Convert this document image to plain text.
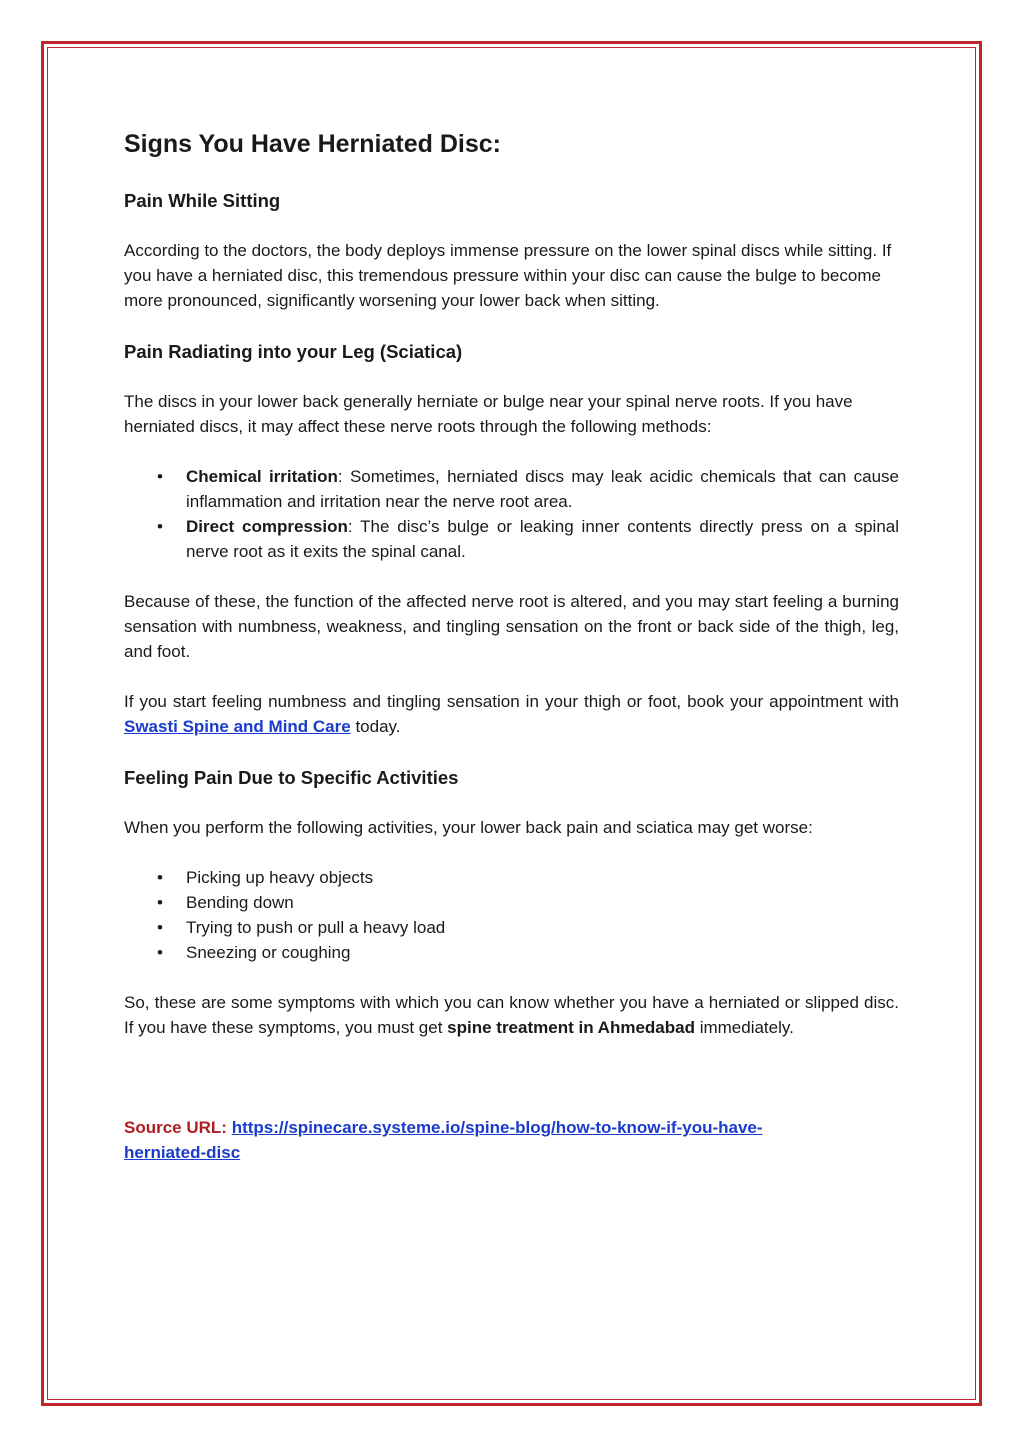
Signs You Have Herniated Disc:
Pain While Sitting

According to the doctors, the body deploys immense pressure on the lower spinal discs while sitting. If you have a herniated disc, this tremendous pressure within your disc can cause the bulge to become more pronounced, significantly worsening your lower back when sitting.

Pain Radiating into your Leg (Sciatica)

The discs in your lower back generally herniate or bulge near your spinal nerve roots. If you have herniated discs, it may affect these nerve roots through the following methods:

• Chemical irritation: Sometimes, herniated discs may leak acidic chemicals that can cause inflammation and irritation near the nerve root area.
• Direct compression: The disc’s bulge or leaking inner contents directly press on a spinal nerve root as it exits the spinal canal.

Because of these, the function of the affected nerve root is altered, and you may start feeling a burning sensation with numbness, weakness, and tingling sensation on the front or back side of the thigh, leg, and foot.

If you start feeling numbness and tingling sensation in your thigh or foot, book your appointment with Swasti Spine and Mind Care today.

Feeling Pain Due to Specific Activities

When you perform the following activities, your lower back pain and sciatica may get worse:

• Picking up heavy objects
• Bending down
• Trying to push or pull a heavy load
• Sneezing or coughing

So, these are some symptoms with which you can know whether you have a herniated or slipped disc. If you have these symptoms, you must get spine treatment in Ahmedabad immediately.

Source URL: https://spinecare.systeme.io/spine-blog/how-to-know-if-you-have-
herniated-disc
